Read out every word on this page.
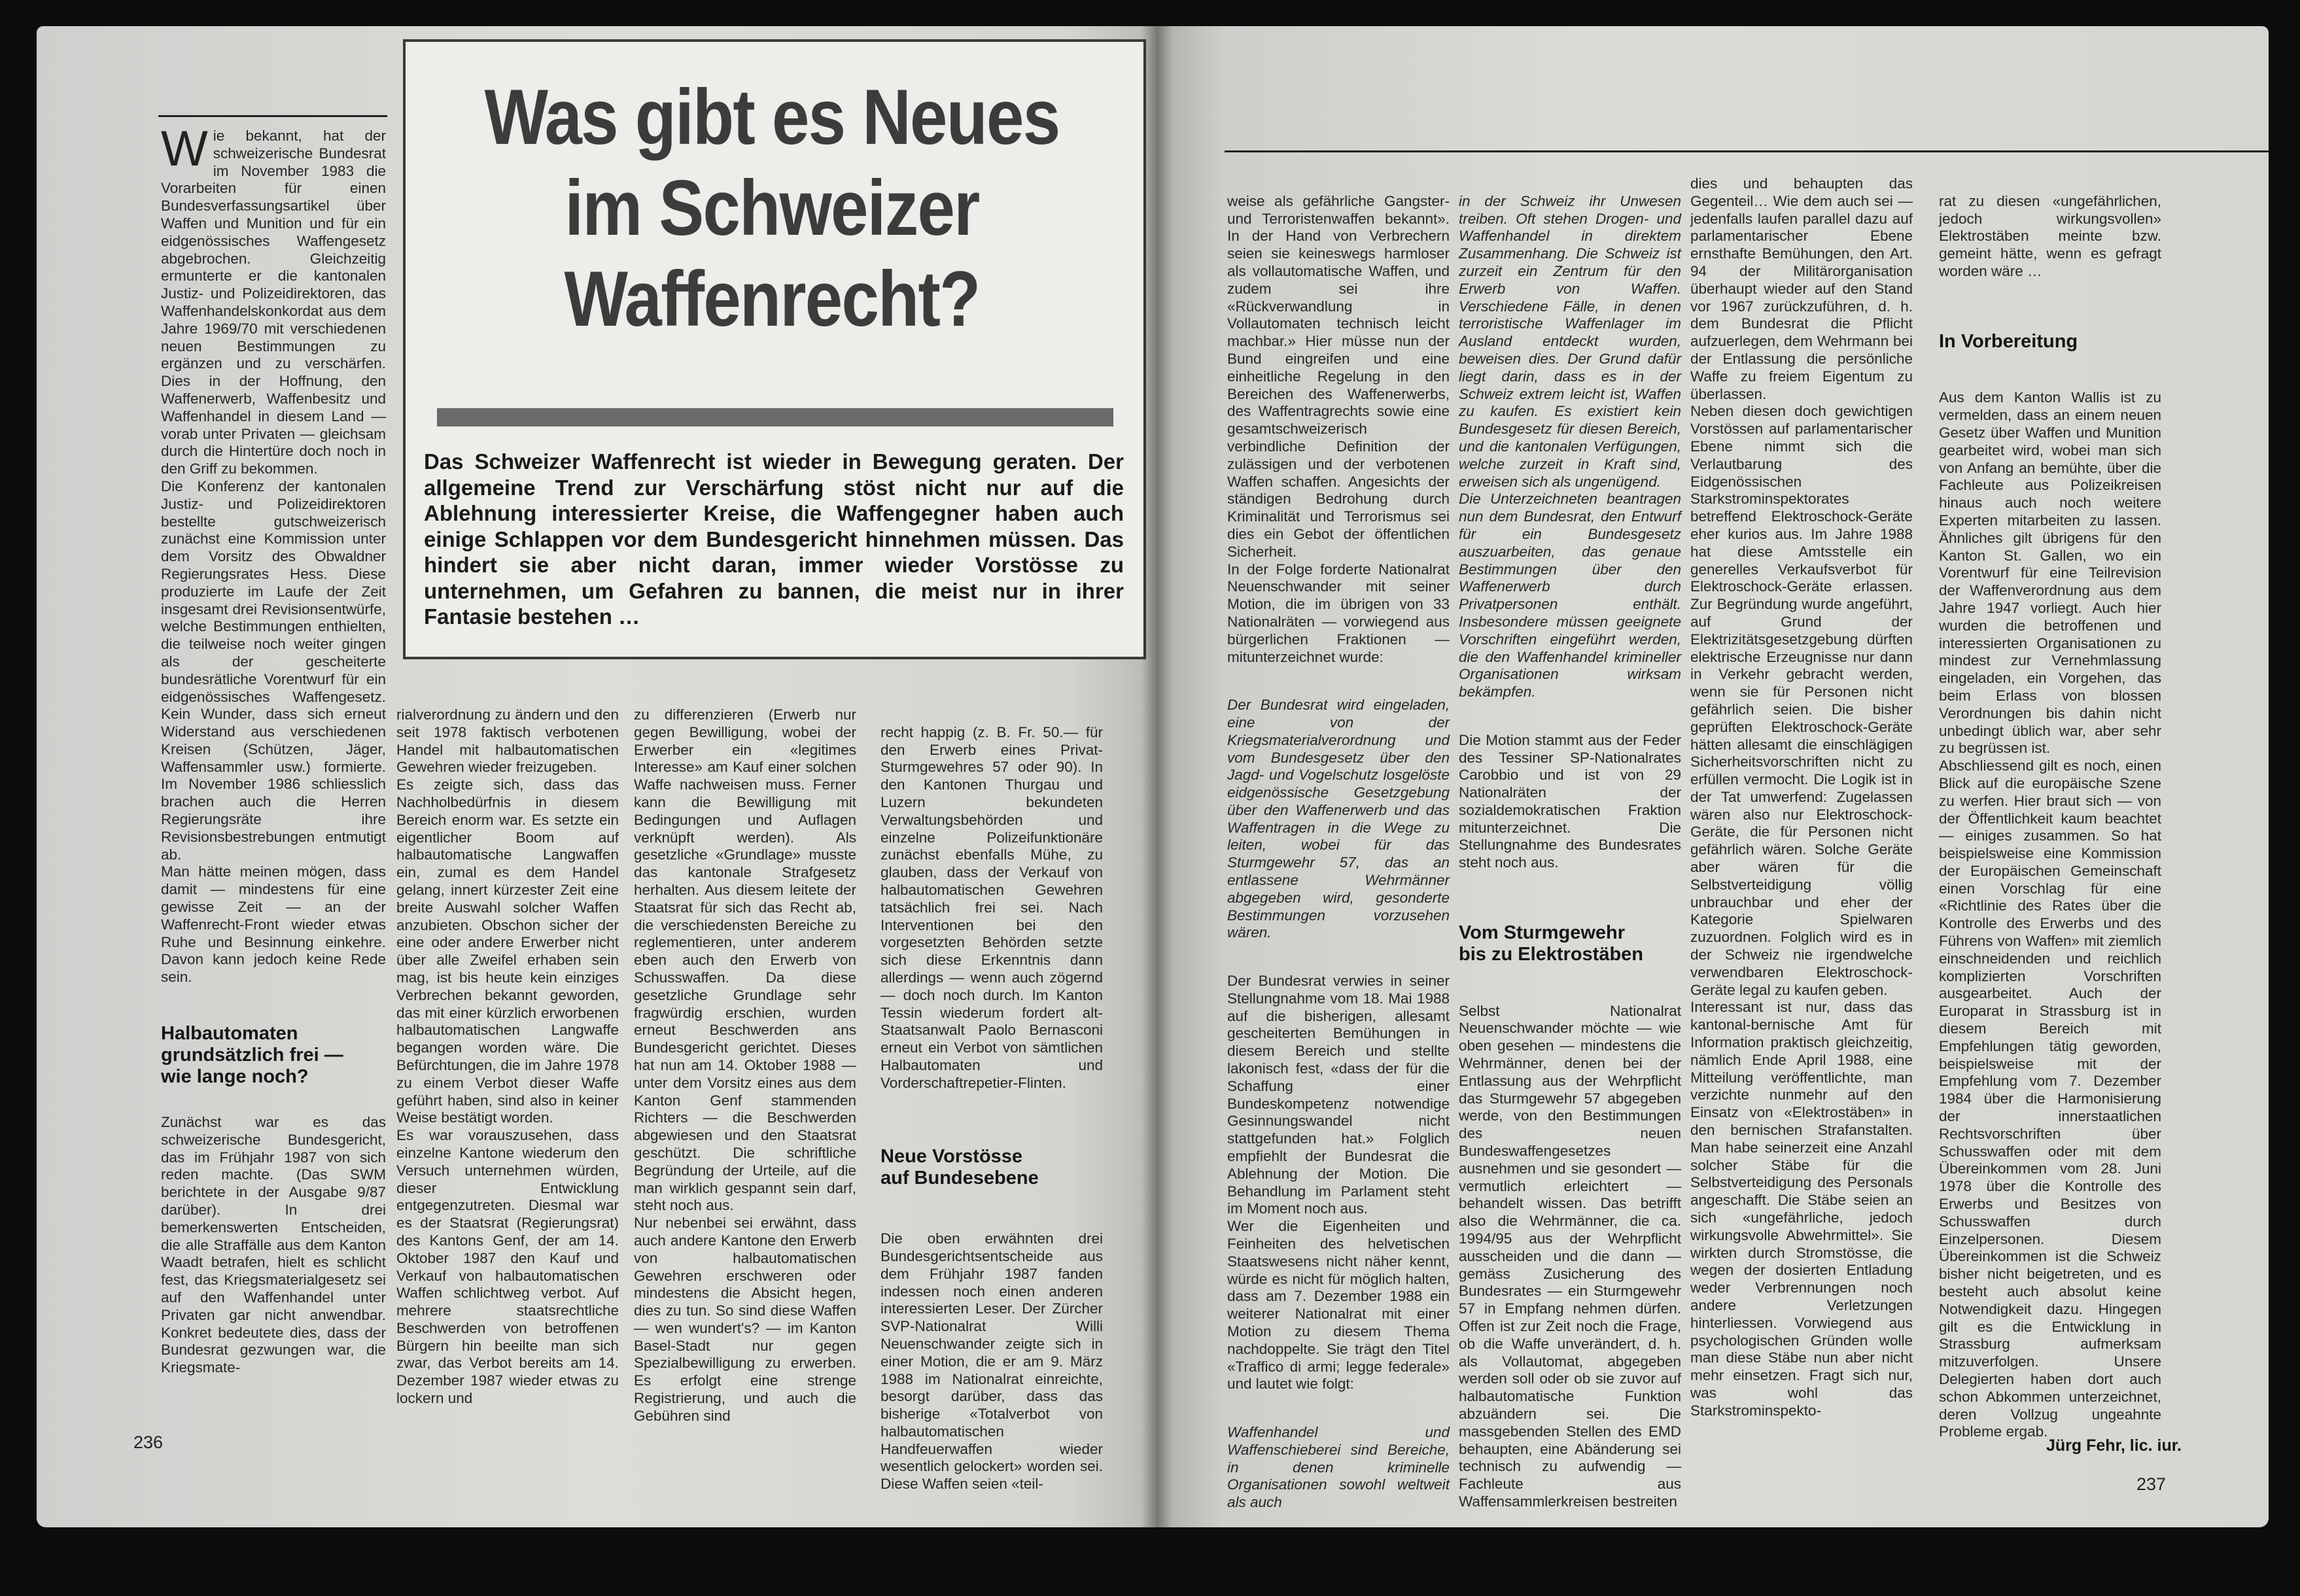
W ie bekannt, hat der schweizerische Bundesrat im November 1983 die Vorarbeiten für einen Bundesverfassungsartikel über Waffen und Munition und für ein eidgenössisches Waffengesetz abgebrochen. Gleichzeitig ermunterte er die kantonalen Justiz- und Polizeidirektoren, das Waffenhandelskonkordat aus dem Jahre 1969/70 mit verschiedenen neuen Bestimmungen zu ergänzen und zu verschärfen. Dies in der Hoffnung, den Waffenerwerb, Waffenbesitz und Waffenhandel in diesem Land — vorab unter Privaten — gleichsam durch die Hintertüre doch noch in den Griff zu bekommen.
Die Konferenz der kantonalen Justiz- und Polizeidirektoren bestellte gutschweizerisch zunächst eine Kommission unter dem Vorsitz des Obwaldner Regierungsrates Hess. Diese produzierte im Laufe der Zeit insgesamt drei Revisionsentwürfe, welche Bestimmungen enthielten, die teilweise noch weiter gingen als der gescheiterte bundesrätliche Vorentwurf für ein eidgenössisches Waffengesetz. Kein Wunder, dass sich erneut Widerstand aus verschiedenen Kreisen (Schützen, Jäger, Waffensammler usw.) formierte. Im November 1986 schliesslich brachen auch die Herren Regierungsräte ihre Revisionsbestrebungen entmutigt ab.
Man hätte meinen mögen, dass damit — mindestens für eine gewisse Zeit — an der Waffenrecht-Front wieder etwas Ruhe und Besinnung einkehre. Davon kann jedoch keine Rede sein.
Halbautomaten
grundsätzlich frei —
wie lange noch?
Zunächst war es das schweizerische Bundesgericht, das im Frühjahr 1987 von sich reden machte. (Das SWM berichtete in der Ausgabe 9/87 darüber). In drei bemerkenswerten Entscheiden, die alle Straffälle aus dem Kanton Waadt betrafen, hielt es schlicht fest, das Kriegsmaterialgesetz sei auf den Waffenhandel unter Privaten gar nicht anwendbar. Konkret bedeutete dies, dass der Bundesrat gezwungen war, die Kriegsmate-
Was gibt es Neues
im Schweizer
Waffenrecht?
Das Schweizer Waffenrecht ist wieder in Bewegung geraten. Der allgemeine Trend zur Verschärfung stöst nicht nur auf die Ablehnung interessierter Kreise, die Waffengegner haben auch einige Schlappen vor dem Bundesgericht hinnehmen müssen. Das hindert sie aber nicht daran, immer wieder Vorstösse zu unternehmen, um Gefahren zu bannen, die meist nur in ihrer Fantasie bestehen …
rialverordnung zu ändern und den seit 1978 faktisch verbotenen Handel mit halbautomatischen Gewehren wieder freizugeben.
Es zeigte sich, dass das Nachholbedürfnis in diesem Bereich enorm war. Es setzte ein eigentlicher Boom auf halbautomatische Langwaffen ein, zumal es dem Handel gelang, innert kürzester Zeit eine breite Auswahl solcher Waffen anzubieten. Obschon sicher der eine oder andere Erwerber nicht über alle Zweifel erhaben sein mag, ist bis heute kein einziges Verbrechen bekannt geworden, das mit einer kürzlich erworbenen halbautomatischen Langwaffe begangen worden wäre. Die Befürchtungen, die im Jahre 1978 zu einem Verbot dieser Waffe geführt haben, sind also in keiner Weise bestätigt worden.
Es war vorauszusehen, dass einzelne Kantone wiederum den Versuch unternehmen würden, dieser Entwicklung entgegenzutreten. Diesmal war es der Staatsrat (Regierungsrat) des Kantons Genf, der am 14. Oktober 1987 den Kauf und Verkauf von halbautomatischen Waffen schlichtweg verbot. Auf mehrere staatsrechtliche Beschwerden von betroffenen Bürgern hin beeilte man sich zwar, das Verbot bereits am 14. Dezember 1987 wieder etwas zu lockern und
zu differenzieren (Erwerb nur gegen Bewilligung, wobei der Erwerber ein «legitimes Interesse» am Kauf einer solchen Waffe nachweisen muss. Ferner kann die Bewilligung mit Bedingungen und Auflagen verknüpft werden). Als gesetzliche «Grundlage» musste das kantonale Strafgesetz herhalten. Aus diesem leitete der Staatsrat für sich das Recht ab, die verschiedensten Bereiche zu reglementieren, unter anderem eben auch den Erwerb von Schusswaffen. Da diese gesetzliche Grundlage sehr fragwürdig erschien, wurden erneut Beschwerden ans Bundesgericht gerichtet. Dieses hat nun am 14. Oktober 1988 — unter dem Vorsitz eines aus dem Kanton Genf stammenden Richters — die Beschwerden abgewiesen und den Staatsrat geschützt. Die schriftliche Begründung der Urteile, auf die man wirklich gespannt sein darf, steht noch aus.
Nur nebenbei sei erwähnt, dass auch andere Kantone den Erwerb von halbautomatischen Gewehren erschweren oder mindestens die Absicht hegen, dies zu tun. So sind diese Waffen — wen wundert's? — im Kanton Basel-Stadt nur gegen Spezialbewilligung zu erwerben. Es erfolgt eine strenge Registrierung, und auch die Gebühren sind

recht happig (z. B. Fr. 50.— für den Erwerb eines Privat-Sturmgewehres 57 oder 90). In den Kantonen Thurgau und Luzern bekundeten Verwaltungsbehörden und einzelne Polizeifunktionäre zunächst ebenfalls Mühe, zu glauben, dass der Verkauf von halbautomatischen Gewehren tatsächlich frei sei. Nach Interventionen bei den vorgesetzten Behörden setzte sich diese Erkenntnis dann allerdings — wenn auch zögernd — doch noch durch. Im Kanton Tessin wiederum fordert alt-Staatsanwalt Paolo Bernasconi erneut ein Verbot von sämtlichen Halbautomaten und Vorderschaftrepetier-Flinten.

Neue Vorstösse
auf Bundesebene

Die oben erwähnten drei Bundesgerichtsentscheide aus dem Frühjahr 1987 fanden indessen noch einen anderen interessierten Leser. Der Zürcher SVP-Nationalrat Willi Neuenschwander zeigte sich in einer Motion, die er am 9. März 1988 im Nationalrat einreichte, besorgt darüber, dass das bisherige «Totalverbot von halbautomatischen Handfeuerwaffen wieder wesentlich gelockert» worden sei. Diese Waffen seien «teil-

236

weise als gefährliche Gangster- und Terroristenwaffen bekannt». In der Hand von Verbrechern seien sie keineswegs harmloser als vollautomatische Waffen, und zudem sei ihre «Rückverwandlung in Vollautomaten technisch leicht machbar.» Hier müsse nun der Bund eingreifen und eine einheitliche Regelung in den Bereichen des Waffenerwerbs, des Waffentragrechts sowie eine gesamtschweizerisch verbindliche Definition der zulässigen und der verbotenen Waffen schaffen. Angesichts der ständigen Bedrohung durch Kriminalität und Terrorismus sei dies ein Gebot der öffentlichen Sicherheit.
In der Folge forderte Nationalrat Neuenschwander mit seiner Motion, die im übrigen von 33 Nationalräten — vorwiegend aus bürgerlichen Fraktionen — mitunterzeichnet wurde:

Der Bundesrat wird eingeladen, eine von der Kriegsmaterialverordnung und vom Bundesgesetz über den Jagd- und Vogelschutz losgelöste eidgenössische Gesetzgebung über den Waffenerwerb und das Waffentragen in die Wege zu leiten, wobei für das Sturmgewehr 57, das an entlassene Wehrmänner abgegeben wird, gesonderte Bestimmungen vorzusehen wären.

Der Bundesrat verwies in seiner Stellungnahme vom 18. Mai 1988 auf die bisherigen, allesamt gescheiterten Bemühungen in diesem Bereich und stellte lakonisch fest, «dass der für die Schaffung einer Bundeskompetenz notwendige Gesinnungswandel nicht stattgefunden hat.» Folglich empfiehlt der Bundesrat die Ablehnung der Motion. Die Behandlung im Parlament steht im Moment noch aus.
Wer die Eigenheiten und Feinheiten des helvetischen Staatswesens nicht näher kennt, würde es nicht für möglich halten, dass am 7. Dezember 1988 ein weiterer Nationalrat mit einer Motion zu diesem Thema nachdoppelte. Sie trägt den Titel «Traffico di armi; legge federale» und lautet wie folgt:

Waffenhandel und Waffenschieberei sind Bereiche, in denen kriminelle Organisationen sowohl weltweit als auch

in der Schweiz ihr Unwesen treiben. Oft stehen Drogen- und Waffenhandel in direktem Zusammenhang. Die Schweiz ist zurzeit ein Zentrum für den Erwerb von Waffen. Verschiedene Fälle, in denen terroristische Waffenlager im Ausland entdeckt wurden, beweisen dies. Der Grund dafür liegt darin, dass es in der Schweiz extrem leicht ist, Waffen zu kaufen. Es existiert kein Bundesgesetz für diesen Bereich, und die kantonalen Verfügungen, welche zurzeit in Kraft sind, erweisen sich als ungenügend.
Die Unterzeichneten beantragen nun dem Bundesrat, den Entwurf für ein Bundesgesetz auszuarbeiten, das genaue Bestimmungen über den Waffenerwerb durch Privatpersonen enthält. Insbesondere müssen geeignete Vorschriften eingeführt werden, die den Waffenhandel krimineller Organisationen wirksam bekämpfen.

Die Motion stammt aus der Feder des Tessiner SP-Nationalrates Carobbio und ist von 29 Nationalräten der sozialdemokratischen Fraktion mitunterzeichnet. Die Stellungnahme des Bundesrates steht noch aus.

Vom Sturmgewehr
bis zu Elektrostäben

Selbst Nationalrat Neuenschwander möchte — wie oben gesehen — mindestens die Wehrmänner, denen bei der Entlassung aus der Wehrpflicht das Sturmgewehr 57 abgegeben werde, von den Bestimmungen des neuen Bundeswaffengesetzes ausnehmen und sie gesondert — vermutlich erleichtert — behandelt wissen. Das betrifft also die Wehrmänner, die ca. 1994/95 aus der Wehrpflicht ausscheiden und die dann — gemäss Zusicherung des Bundesrates — ein Sturmgewehr 57 in Empfang nehmen dürfen. Offen ist zur Zeit noch die Frage, ob die Waffe unverändert, d. h. als Vollautomat, abgegeben werden soll oder ob sie zuvor auf halbautomatische Funktion abzuändern sei. Die massgebenden Stellen des EMD behaupten, eine Abänderung sei technisch zu aufwendig — Fachleute aus Waffensammlerkreisen bestreiten

dies und behaupten das Gegenteil… Wie dem auch sei — jedenfalls laufen parallel dazu auf parlamentarischer Ebene ernsthafte Bemühungen, den Art. 94 der Militärorganisation überhaupt wieder auf den Stand vor 1967 zurückzuführen, d. h. dem Bundesrat die Pflicht aufzuerlegen, dem Wehrmann bei der Entlassung die persönliche Waffe zu freiem Eigentum zu überlassen.
Neben diesen doch gewichtigen Vorstössen auf parlamentarischer Ebene nimmt sich die Verlautbarung des Eidgenössischen Starkstrominspektorates betreffend Elektroschock-Geräte eher kurios aus. Im Jahre 1988 hat diese Amtsstelle ein generelles Verkaufsverbot für Elektroschock-Geräte erlassen. Zur Begründung wurde angeführt, auf Grund der Elektrizitätsgesetzgebung dürften elektrische Erzeugnisse nur dann in Verkehr gebracht werden, wenn sie für Personen nicht gefährlich seien. Die bisher geprüften Elektroschock-Geräte hätten allesamt die einschlägigen Sicherheitsvorschriften nicht zu erfüllen vermocht. Die Logik ist in der Tat umwerfend: Zugelassen wären also nur Elektroschock-Geräte, die für Personen nicht gefährlich wären. Solche Geräte aber wären für die Selbstverteidigung völlig unbrauchbar und eher der Kategorie Spielwaren zuzuordnen. Folglich wird es in der Schweiz nie irgendwelche verwendbaren Elektroschock-Geräte legal zu kaufen geben.
Interessant ist nur, dass das kantonal-bernische Amt für Information praktisch gleichzeitig, nämlich Ende April 1988, eine Mitteilung veröffentlichte, man verzichte nunmehr auf den Einsatz von «Elektrostäben» in den bernischen Strafanstalten. Man habe seinerzeit eine Anzahl solcher Stäbe für die Selbstverteidigung des Personals angeschafft. Die Stäbe seien an sich «ungefährliche, jedoch wirkungsvolle Abwehrmittel». Sie wirkten durch Stromstösse, die wegen der dosierten Entladung weder Verbrennungen noch andere Verletzungen hinterliessen. Vorwiegend aus psychologischen Gründen wolle man diese Stäbe nun aber nicht mehr einsetzen. Fragt sich nur, was wohl das Starkstrominspekto-

rat zu diesen «ungefährlichen, jedoch wirkungsvollen» Elektrostäben meinte bzw. gemeint hätte, wenn es gefragt worden wäre …

In Vorbereitung

Aus dem Kanton Wallis ist zu vermelden, dass an einem neuen Gesetz über Waffen und Munition gearbeitet wird, wobei man sich von Anfang an bemühte, über die Fachleute aus Polizeikreisen hinaus auch noch weitere Experten mitarbeiten zu lassen. Ähnliches gilt übrigens für den Kanton St. Gallen, wo ein Vorentwurf für eine Teilrevision der Waffenverordnung aus dem Jahre 1947 vorliegt. Auch hier wurden die betroffenen und interessierten Organisationen zu mindest zur Vernehmlassung eingeladen, ein Vorgehen, das beim Erlass von blossen Verordnungen bis dahin nicht unbedingt üblich war, aber sehr zu begrüssen ist.
Abschliessend gilt es noch, einen Blick auf die europäische Szene zu werfen. Hier braut sich — von der Öffentlichkeit kaum beachtet — einiges zusammen. So hat beispielsweise eine Kommission der Europäischen Gemeinschaft einen Vorschlag für eine «Richtlinie des Rates über die Kontrolle des Erwerbs und des Führens von Waffen» mit ziemlich einschneidenden und reichlich komplizierten Vorschriften ausgearbeitet. Auch der Europarat in Strassburg ist in diesem Bereich mit Empfehlungen tätig geworden, beispielsweise mit der Empfehlung vom 7. Dezember 1984 über die Harmonisierung der innerstaatlichen Rechtsvorschriften über Schusswaffen oder mit dem Übereinkommen vom 28. Juni 1978 über die Kontrolle des Erwerbs und Besitzes von Schusswaffen durch Einzelpersonen. Diesem Übereinkommen ist die Schweiz bisher nicht beigetreten, und es besteht auch absolut keine Notwendigkeit dazu. Hingegen gilt es die Entwicklung in Strassburg aufmerksam mitzuverfolgen. Unsere Delegierten haben dort auch schon Abkommen unterzeichnet, deren Vollzug ungeahnte Probleme ergab.

Jürg Fehr, lic. iur.
237
